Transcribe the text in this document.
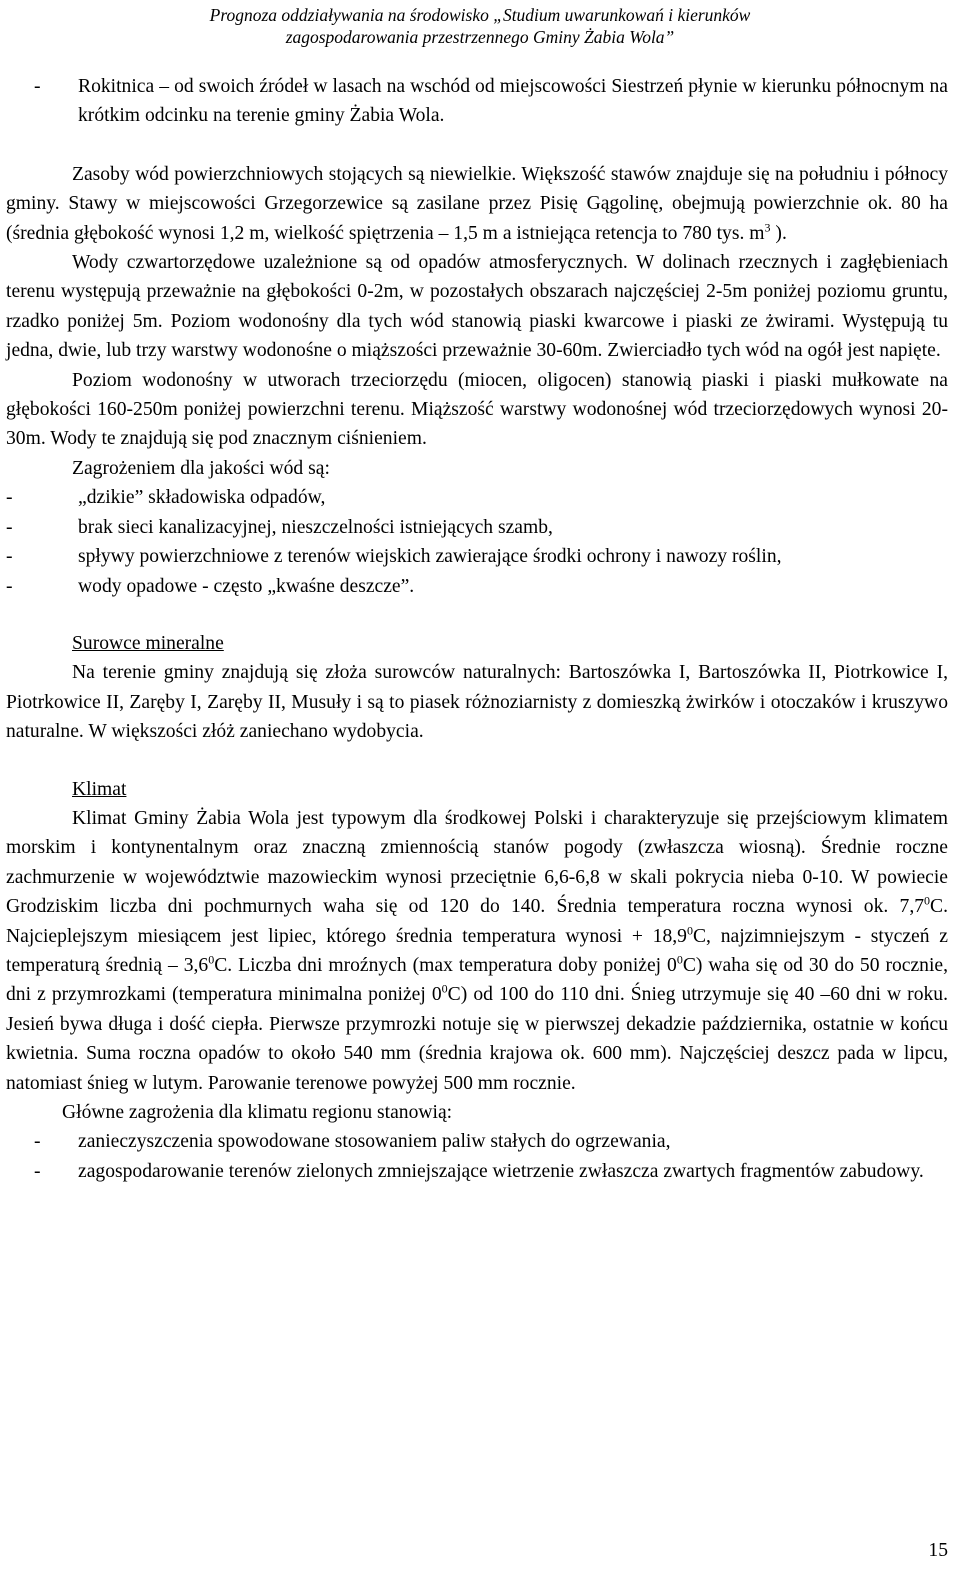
Prognoza oddziaływania na środowisko „Studium uwarunkowań i kierunków
zagospodarowania przestrzennego Gminy Żabia Wola”

- Rokitnica – od swoich źródeł w lasach na wschód od miejscowości Siestrzeń płynie w kierunku północnym na krótkim odcinku na terenie gminy Żabia Wola.

Zasoby wód powierzchniowych stojących są niewielkie. Większość stawów znajduje się na południu i północy gminy. Stawy w miejscowości Grzegorzewice są zasilane przez Pisię Gągolinę, obejmują powierzchnie ok. 80 ha (średnia głębokość wynosi 1,2 m, wielkość spiętrzenia – 1,5 m a istniejąca retencja to 780 tys. $m^3$ ).

Wody czwartorzędowe uzależnione są od opadów atmosferycznych. W dolinach rzecznych i zagłębieniach terenu występują przeważnie na głębokości 0-2m, w pozostałych obszarach najczęściej 2-5m poniżej poziomu gruntu, rzadko poniżej 5m. Poziom wodonośny dla tych wód stanowią piaski kwarcowe i piaski ze żwirami. Występują tu jedna, dwie, lub trzy warstwy wodonośne o miąższości przeważnie 30-60m. Zwierciadło tych wód na ogół jest napięte.

Poziom wodonośny w utworach trzeciorzędu (miocen, oligocen) stanowią piaski i piaski mułkowate na głębokości 160-250m poniżej powierzchni terenu. Miąższość warstwy wodonośnej wód trzeciorzędowych wynosi 20-30m. Wody te znajdują się pod znacznym ciśnieniem.

Zagrożeniem dla jakości wód są:

-	„dzikie” składowiska odpadów,

-	brak sieci kanalizacyjnej, nieszczelności istniejących szamb,

-	spływy powierzchniowe z terenów wiejskich zawierające środki ochrony i nawozy roślin,

-	wody opadowe - często „kwaśne deszcze”.

Surowce mineralne

Na terenie gminy znajdują się złoża surowców naturalnych: Bartoszówka I, Bartoszówka II, Piotrkowice I, Piotrkowice II, Zaręby I, Zaręby II, Musuły i są to piasek różnoziarnisty z domieszką żwirków i otoczaków i kruszywo naturalne. W większości złóż zaniechano wydobycia.

Klimat

Klimat Gminy Żabia Wola jest typowym dla środkowej Polski i charakteryzuje się przejściowym klimatem morskim i kontynentalnym oraz znaczną zmiennością stanów pogody (zwłaszcza wiosną). Średnie roczne zachmurzenie w województwie mazowieckim wynosi przeciętnie 6,6-6,8 w skali pokrycia nieba 0-10. W powiecie Grodziskim liczba dni pochmurnych waha się od 120 do 140. Średnia temperatura roczna wynosi ok. $7,7^0C$. Najcieplejszym miesiącem jest lipiec, którego średnia temperatura wynosi + $18,9^0C$, najzimniejszym - styczeń z temperaturą średnią – $3,6^0C$. Liczba dni mroźnych (max temperatura doby poniżej $0^0C$) waha się od 30 do 50 rocznie, dni z przymrozkami (temperatura minimalna poniżej $0^0C$) od 100 do 110 dni. Śnieg utrzymuje się 40 –60 dni w roku. Jesień bywa długa i dość ciepła. Pierwsze przymrozki notuje się w pierwszej dekadzie października, ostatnie w końcu kwietnia. Suma roczna opadów to około 540 mm (średnia krajowa ok. 600 mm). Najczęściej deszcz pada w lipcu, natomiast śnieg w lutym. Parowanie terenowe powyżej 500 mm rocznie.

Główne zagrożenia dla klimatu regionu stanowią:

- zanieczyszczenia spowodowane stosowaniem paliw stałych do ogrzewania,

- zagospodarowanie terenów zielonych zmniejszające wietrzenie zwłaszcza zwartych fragmentów zabudowy.

15
